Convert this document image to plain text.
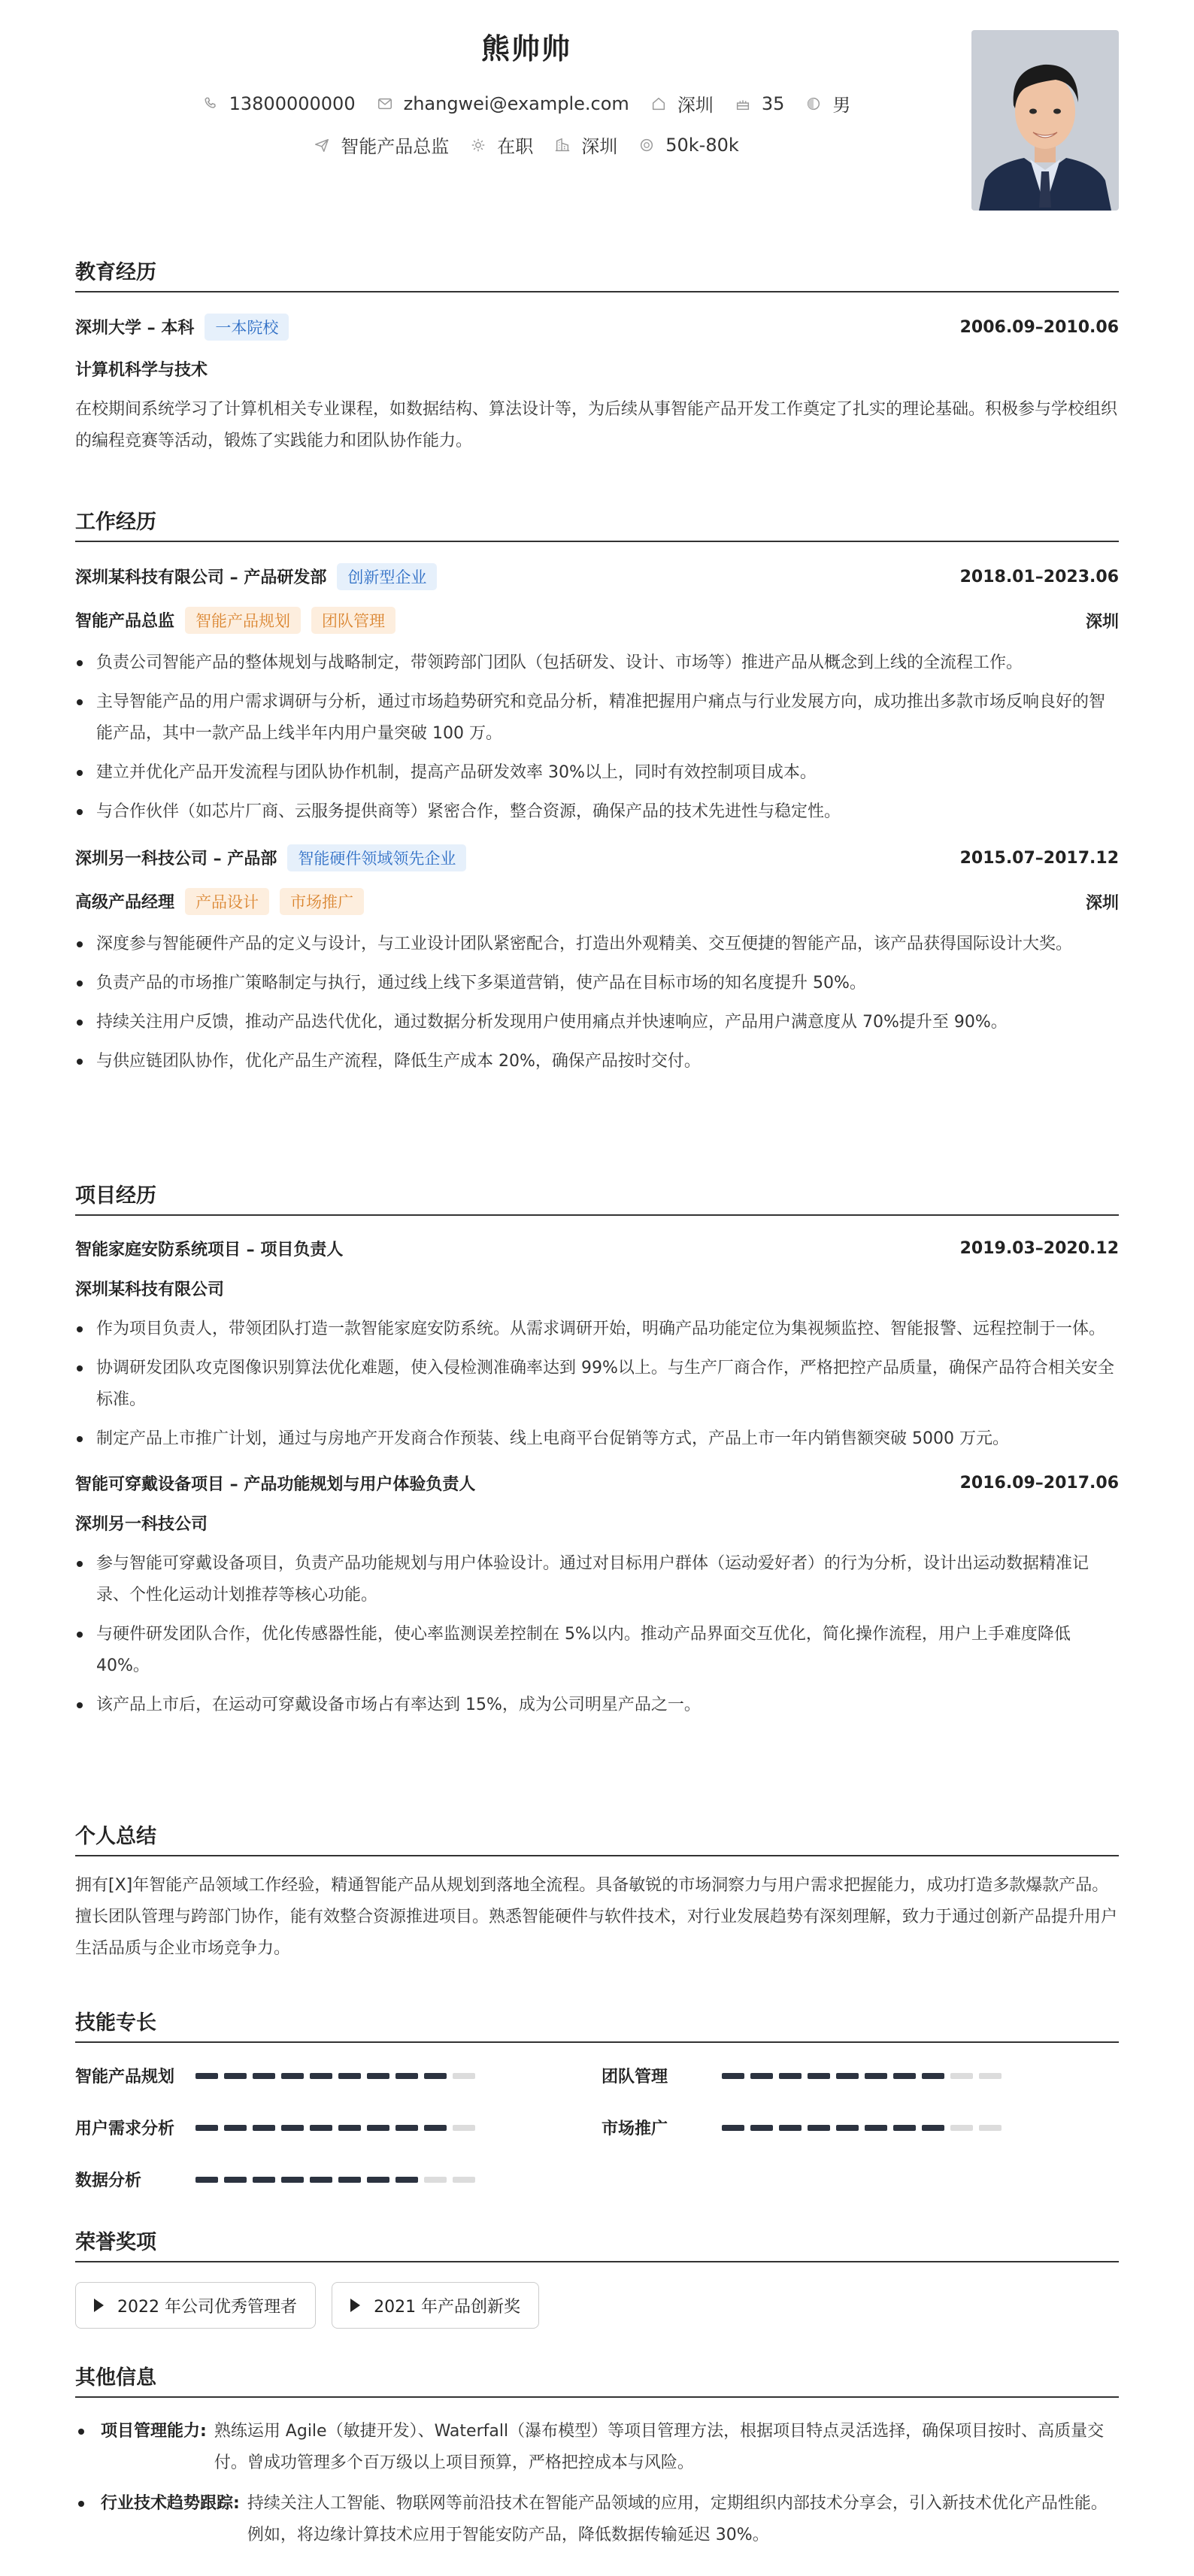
熊帅帅
13800000000	zhangwei@example.com	深圳	35	男
智能产品总监	在职	深圳	50k-80k
教育经历
深圳大学 – 本科 一本院校	2006.09–2010.06
计算机科学与技术
在校期间系统学习了计算机相关专业课程，如数据结构、算法设计等，为后续从事智能产品开发工作奠定了扎实的理论基础。积极参与学校组织的编程竞赛等活动，锻炼了实践能力和团队协作能力。
工作经历
深圳某科技有限公司 – 产品研发部 创新型企业	2018.01–2023.06
智能产品总监 智能产品规划 团队管理	深圳
负责公司智能产品的整体规划与战略制定，带领跨部门团队（包括研发、设计、市场等）推进产品从概念到上线的全流程工作。
主导智能产品的用户需求调研与分析，通过市场趋势研究和竞品分析，精准把握用户痛点与行业发展方向，成功推出多款市场反响良好的智能产品，其中一款产品上线半年内用户量突破 100 万。
建立并优化产品开发流程与团队协作机制，提高产品研发效率 30%以上，同时有效控制项目成本。
与合作伙伴（如芯片厂商、云服务提供商等）紧密合作，整合资源，确保产品的技术先进性与稳定性。
深圳另一科技公司 – 产品部 智能硬件领域领先企业	2015.07–2017.12
高级产品经理 产品设计 市场推广	深圳
深度参与智能硬件产品的定义与设计，与工业设计团队紧密配合，打造出外观精美、交互便捷的智能产品，该产品获得国际设计大奖。
负责产品的市场推广策略制定与执行，通过线上线下多渠道营销，使产品在目标市场的知名度提升 50%。
持续关注用户反馈，推动产品迭代优化，通过数据分析发现用户使用痛点并快速响应，产品用户满意度从 70%提升至 90%。
与供应链团队协作，优化产品生产流程，降低生产成本 20%，确保产品按时交付。
项目经历
智能家庭安防系统项目 – 项目负责人	2019.03–2020.12
深圳某科技有限公司
作为项目负责人，带领团队打造一款智能家庭安防系统。从需求调研开始，明确产品功能定位为集视频监控、智能报警、远程控制于一体。
协调研发团队攻克图像识别算法优化难题，使入侵检测准确率达到 99%以上。与生产厂商合作，严格把控产品质量，确保产品符合相关安全标准。
制定产品上市推广计划，通过与房地产开发商合作预装、线上电商平台促销等方式，产品上市一年内销售额突破 5000 万元。
智能可穿戴设备项目 – 产品功能规划与用户体验负责人	2016.09–2017.06
深圳另一科技公司
参与智能可穿戴设备项目，负责产品功能规划与用户体验设计。通过对目标用户群体（运动爱好者）的行为分析，设计出运动数据精准记录、个性化运动计划推荐等核心功能。
与硬件研发团队合作，优化传感器性能，使心率监测误差控制在 5%以内。推动产品界面交互优化，简化操作流程，用户上手难度降低 40%。
该产品上市后，在运动可穿戴设备市场占有率达到 15%，成为公司明星产品之一。
个人总结
拥有[X]年智能产品领域工作经验，精通智能产品从规划到落地全流程。具备敏锐的市场洞察力与用户需求把握能力，成功打造多款爆款产品。擅长团队管理与跨部门协作，能有效整合资源推进项目。熟悉智能硬件与软件技术，对行业发展趋势有深刻理解，致力于通过创新产品提升用户生活品质与企业市场竞争力。
技能专长
智能产品规划	团队管理
用户需求分析	市场推广
数据分析
荣誉奖项
2022 年公司优秀管理者
	2021 年产品创新奖
其他信息
项目管理能力: 熟练运用 Agile（敏捷开发）、Waterfall（瀑布模型）等项目管理方法，根据项目特点灵活选择，确保项目按时、高质量交付。曾成功管理多个百万级以上项目预算，严格把控成本与风险。
行业技术趋势跟踪: 持续关注人工智能、物联网等前沿技术在智能产品领域的应用，定期组织内部技术分享会，引入新技术优化产品性能。例如，将边缘计算技术应用于智能安防产品，降低数据传输延迟 30%。
